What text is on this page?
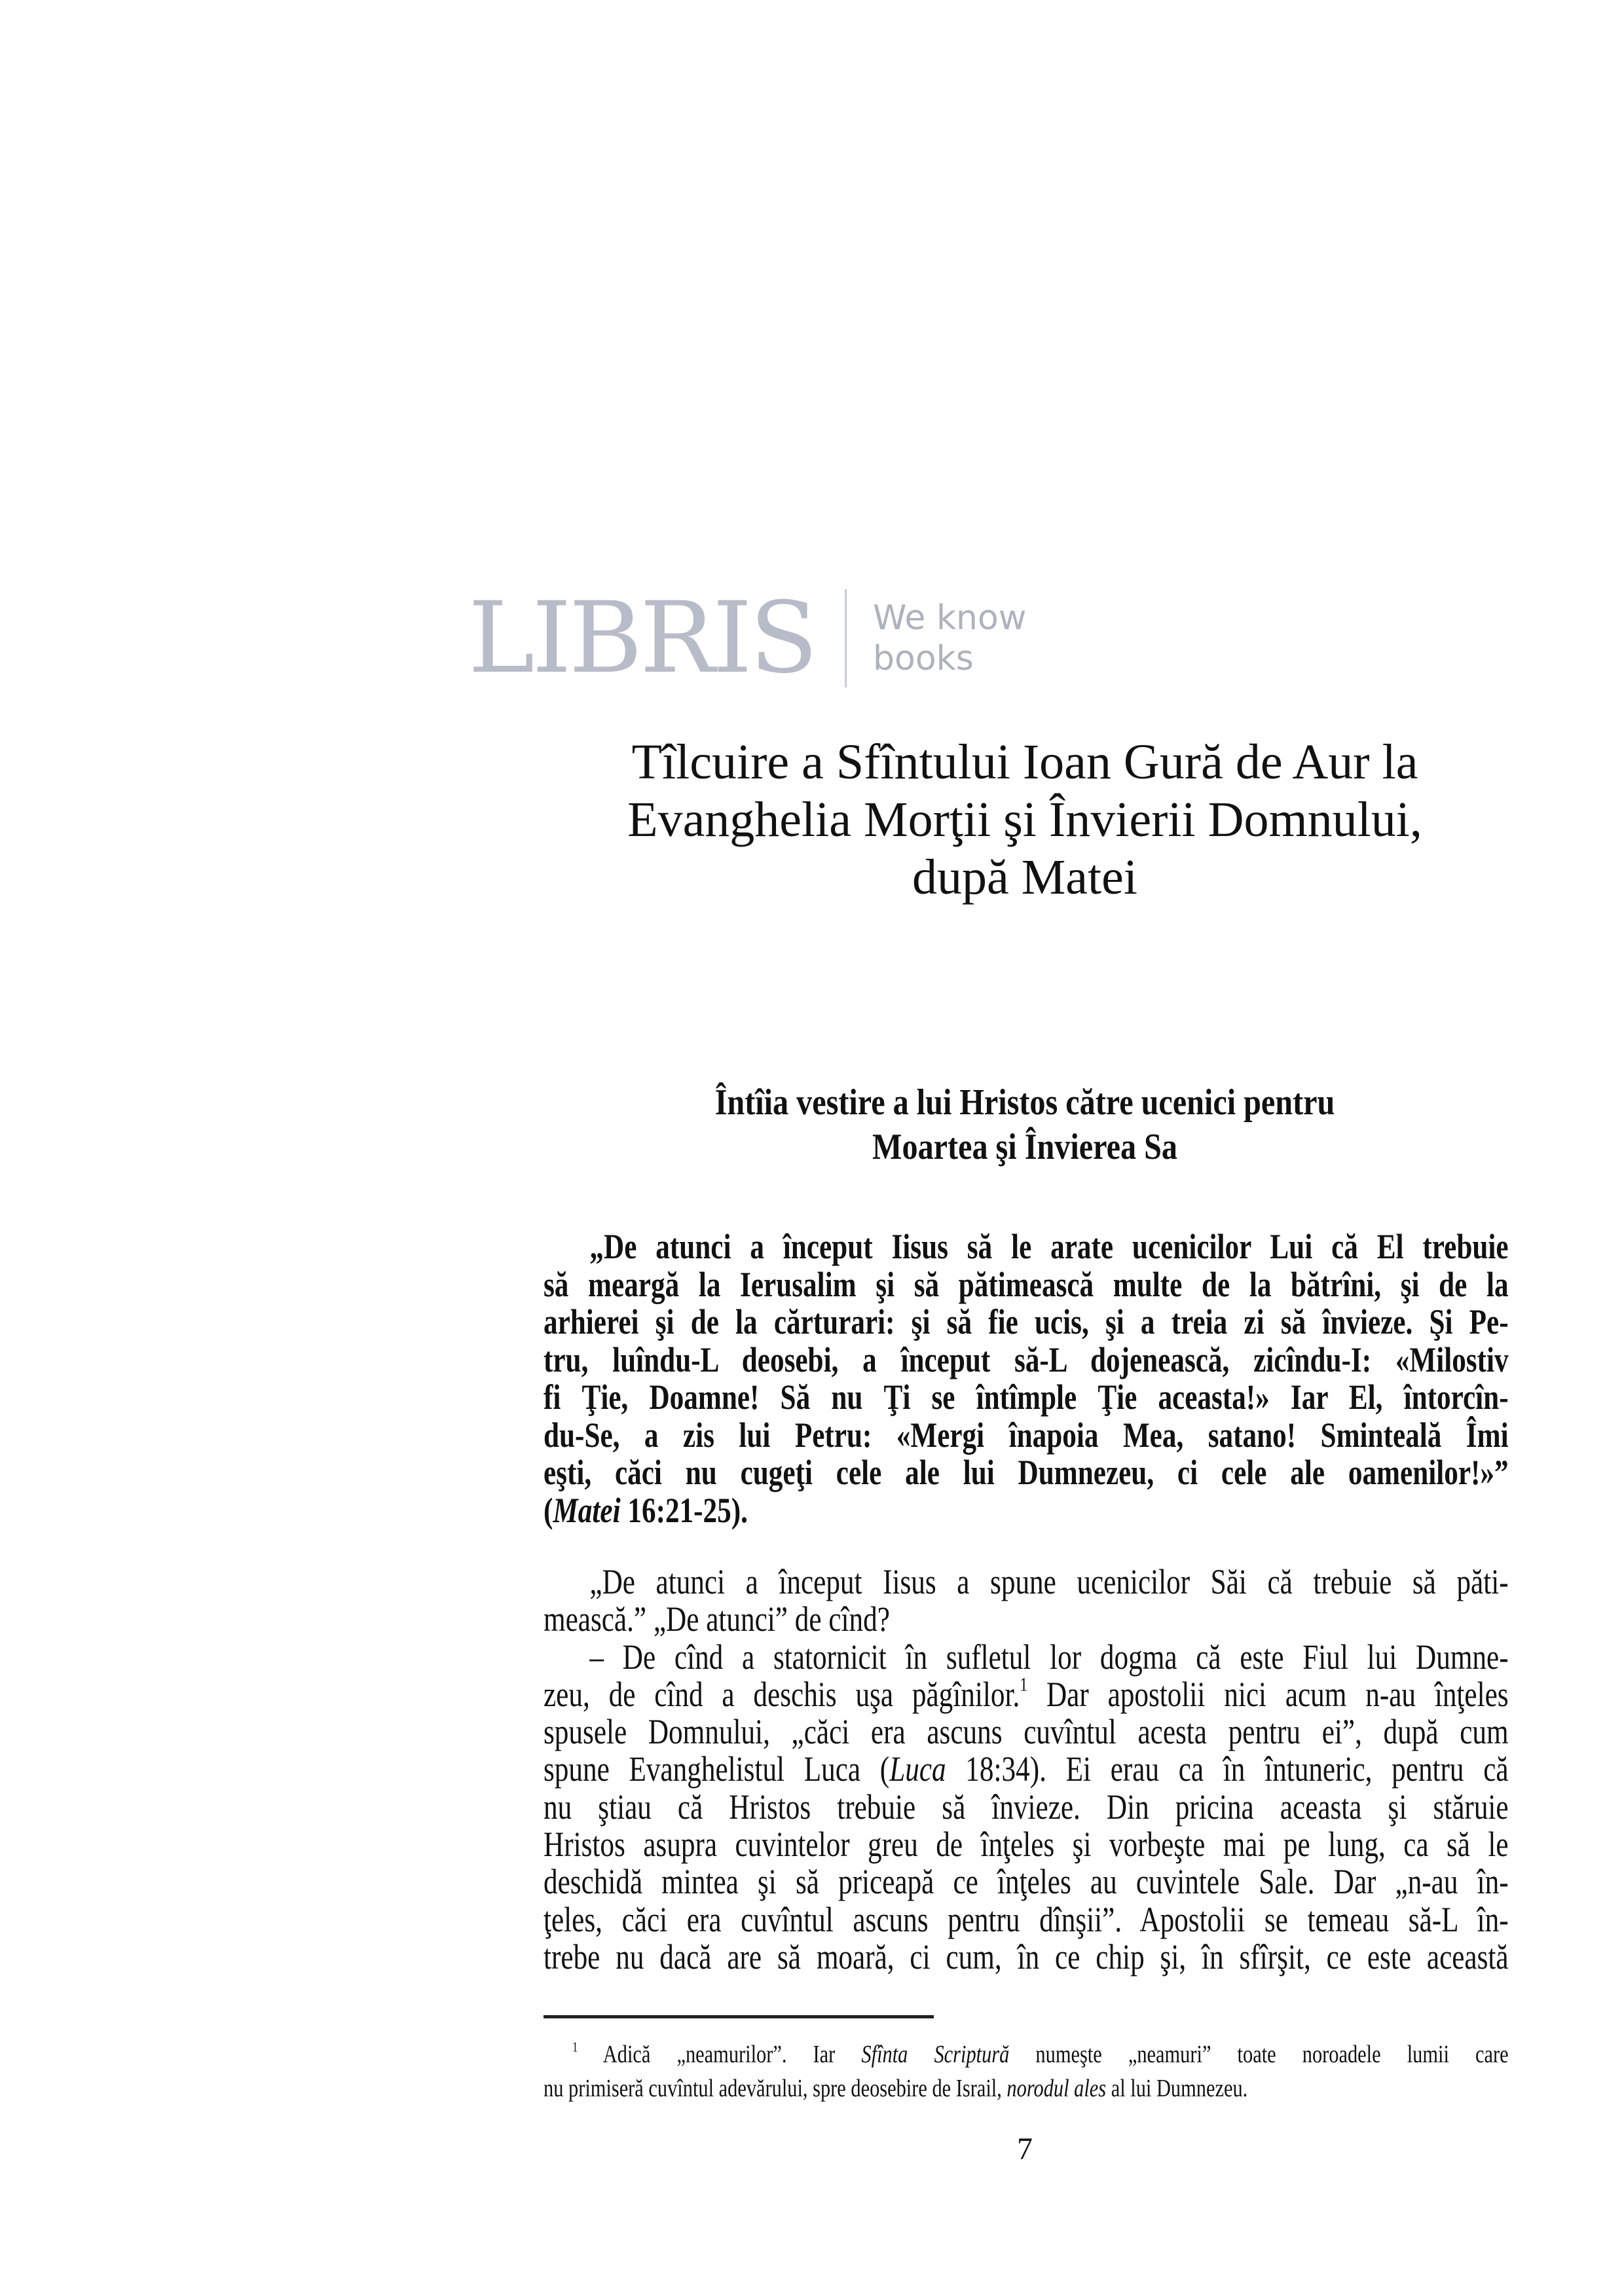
LIBRIS We know
books
Tîlcuire a Sfîntului Ioan Gură de Aur la
Evanghelia Morţii şi Învierii Domnului,
după Matei
Întîia vestire a lui Hristos către ucenici pentru
Moartea şi Învierea Sa
„De atunci a început Iisus să le arate ucenicilor Lui că El trebuie
să meargă la Ierusalim şi să pătimească multe de la bătrîni, şi de la
arhierei şi de la cărturari: şi să fie ucis, şi a treia zi să învieze. Şi Pe-
tru, luîndu-L deosebi, a început să-L dojenească, zicîndu-I: «Milostiv
fi Ţie, Doamne! Să nu Ţi se întîmple Ţie aceasta!» Iar El, întorcîn-
du-Se, a zis lui Petru: «Mergi înapoia Mea, satano! Sminteală Îmi
eşti, căci nu cugeţi cele ale lui Dumnezeu, ci cele ale oamenilor!»”
(Matei 16:21-25).
„De atunci a început Iisus a spune ucenicilor Săi că trebuie să păti-
mească.” „De atunci” de cînd?
– De cînd a statornicit în sufletul lor dogma că este Fiul lui Dumne-
zeu, de cînd a deschis uşa păgînilor.$^1$ Dar apostolii nici acum n-au înţeles
spusele Domnului, „căci era ascuns cuvîntul acesta pentru ei”, după cum
spune Evanghelistul Luca (Luca 18:34). Ei erau ca în întuneric, pentru că
nu ştiau că Hristos trebuie să învieze. Din pricina aceasta şi stăruie
Hristos asupra cuvintelor greu de înţeles şi vorbeşte mai pe lung, ca să le
deschidă mintea şi să priceapă ce înţeles au cuvintele Sale. Dar „n-au în-
ţeles, căci era cuvîntul ascuns pentru dînşii”. Apostolii se temeau să-L în-
trebe nu dacă are să moară, ci cum, în ce chip şi, în sfîrşit, ce este această
$^1$ Adică „neamurilor”. Iar Sfînta Scriptură numeşte „neamuri” toate noroadele lumii care
nu primiseră cuvîntul adevărului, spre deosebire de Israil, norodul ales al lui Dumnezeu.
7
